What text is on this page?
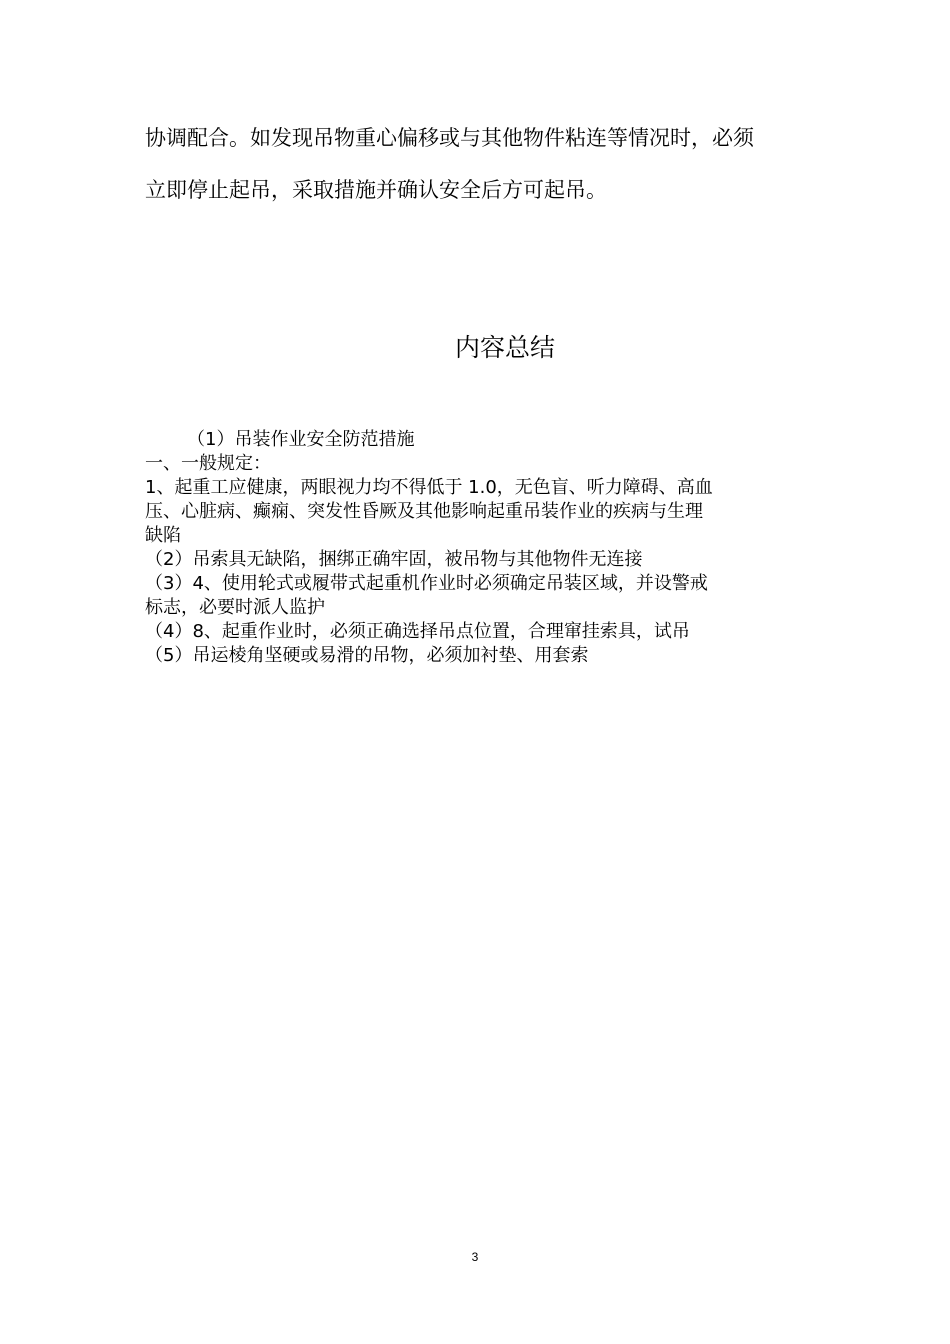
协调配合。如发现吊物重心偏移或与其他物件粘连等情况时，必须
立即停止起吊，采取措施并确认安全后方可起吊。
内容总结
（1）吊装作业安全防范措施
一、一般规定：
1、起重工应健康，两眼视力均不得低于 1.0，无色盲、听力障碍、高血
压、心脏病、癫痫、突发性昏厥及其他影响起重吊装作业的疾病与生理
缺陷
（2）吊索具无缺陷，捆绑正确牢固，被吊物与其他物件无连接
（3）4、使用轮式或履带式起重机作业时必须确定吊装区域，并设警戒
标志，必要时派人监护
（4）8、起重作业时，必须正确选择吊点位置，合理窜挂索具，试吊
（5）吊运棱角坚硬或易滑的吊物，必须加衬垫、用套索
3
